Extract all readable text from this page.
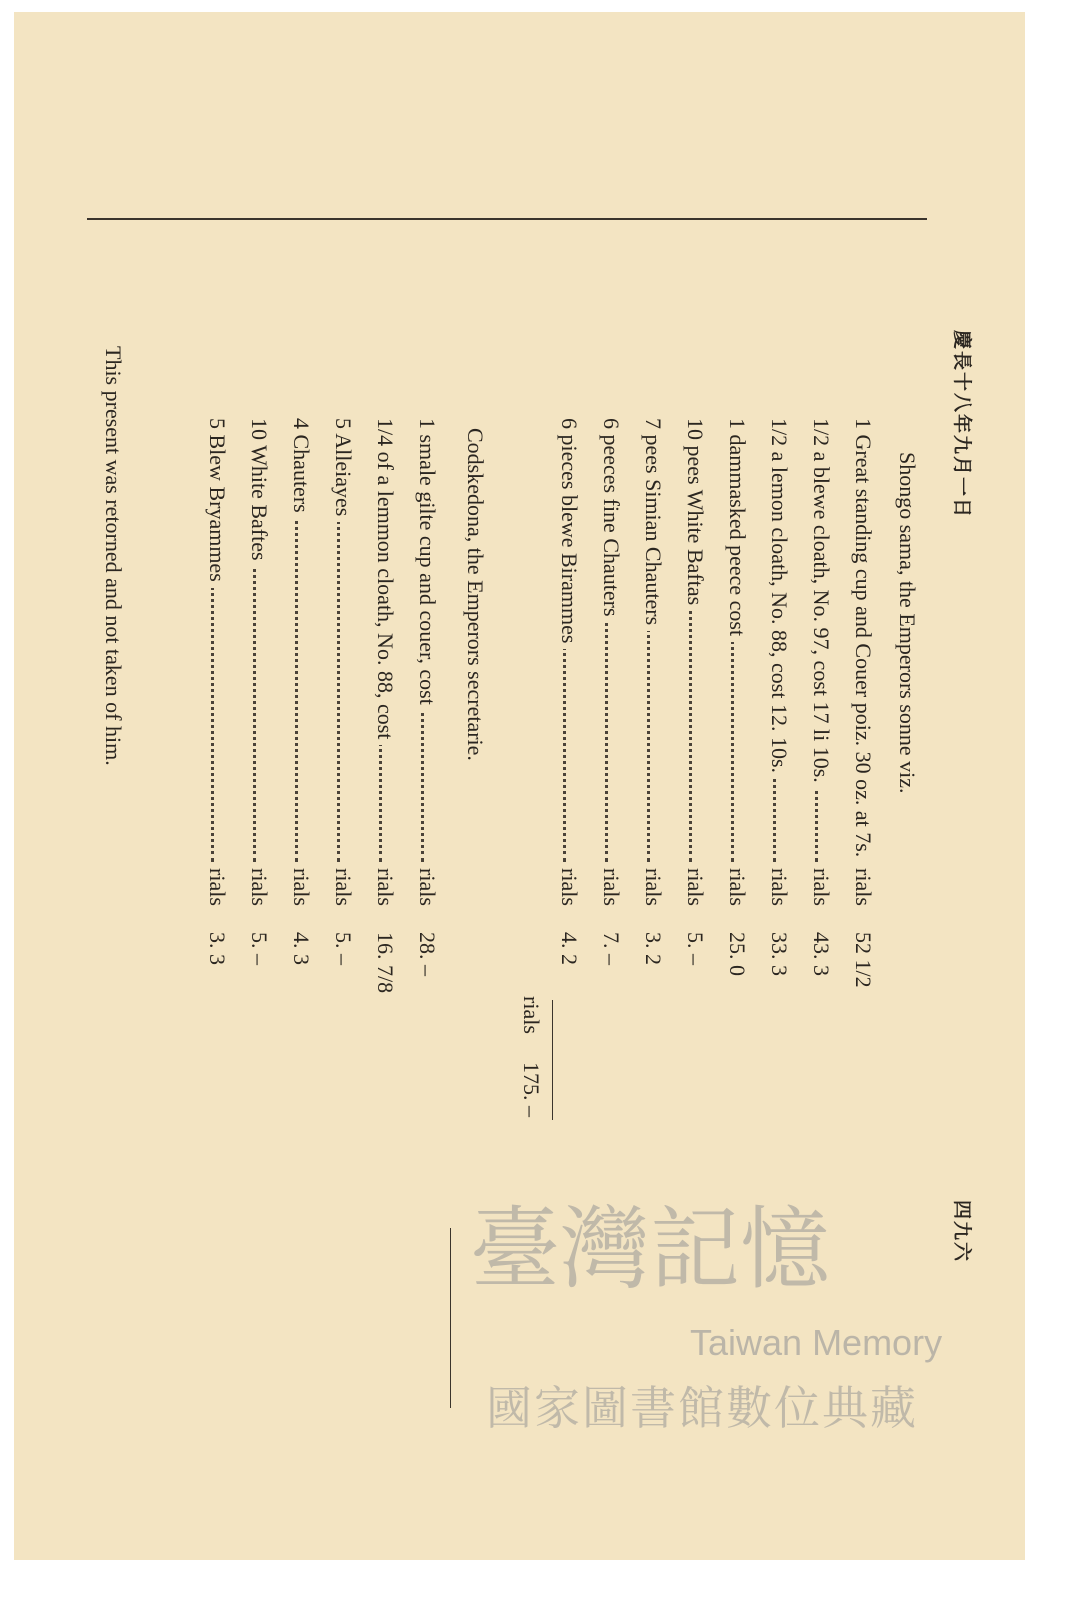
慶長十八年九月一日
四九六
Shongo sama, the Emperors sonne viz.
1 Great standing cup and Couer poiz. 30 oz. at 7s.
rials
52 1/2
1/2 a blewe cloath, No. 97, cost 17 li 10s.
rials
43. 3
1/2 a lemon cloath, No. 88, cost 12. 10s.
rials
33. 3
1 dammasked peece cost
rials
25. 0
10 pees White Baftas
rials
5. –
7 pees Simian Chauters
rials
3. 2
6 peeces fine Chauters
rials
7. –
6 pieces blewe Birammes
rials
4. 2
rials
175. –
Codskedona, the Emperors secretarie.
1 smale gilte cup and couer, cost
rials
28. –
1/4 of a lemmon cloath, No. 88, cost
rials
16. 7/8
5 Alleiayes
rials
5. –
4 Chauters
rials
4. 3
10 White Baftes
rials
5. –
5 Blew Bryammes
rials
3. 3
This present was retorned and not taken of him.
臺灣記憶
Taiwan Memory
國家圖書館數位典藏
